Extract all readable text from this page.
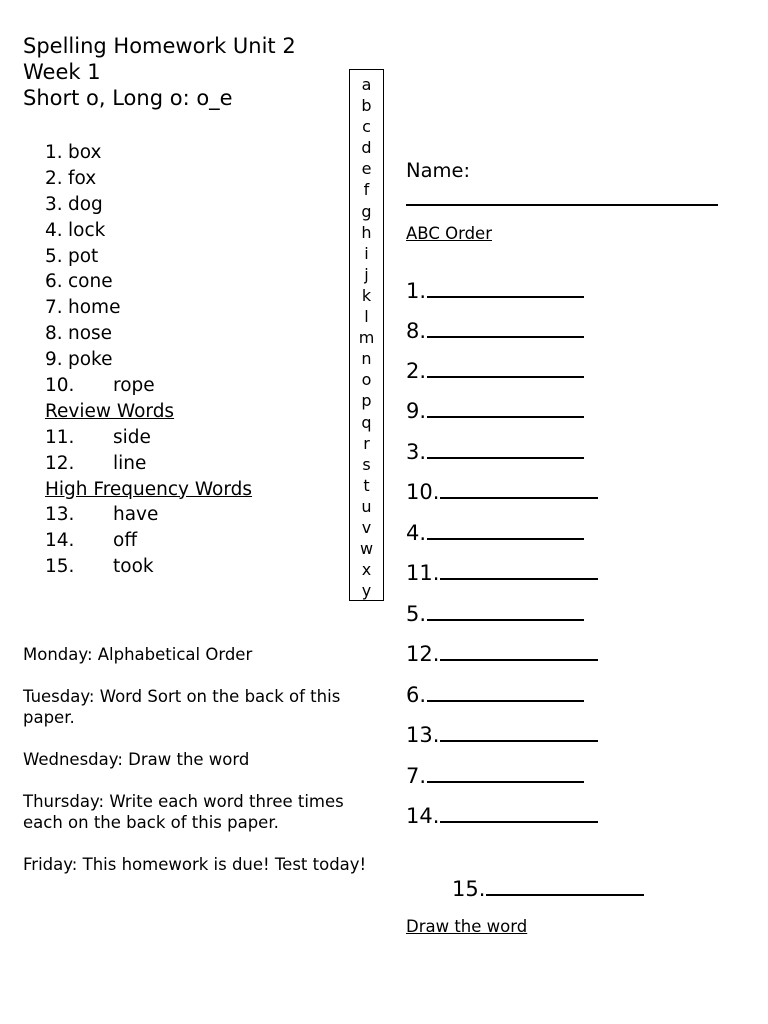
Spelling Homework Unit 2
Week 1
Short o, Long o: o_e
1. box
2. fox
3. dog
4. lock
5. pot
6. cone
7. home
8. nose
9. poke
10. rope
Review Words
11. side
12. line
High Frequency Words
13. have
14. off
15. took
a
b
c
d
e
f
g
h
i
j
k
l
m
n
o
p
q
r
s
t
u
v
w
x
y

Monday: Alphabetical Order

Tuesday: Word Sort on the back of this paper.

Wednesday: Draw the word

Thursday: Write each word three times each on the back of this paper.

Friday: This homework is due! Test today!

Name:
ABC Order
1.
8.
2.
9.
3.
10.
4.
11.
5.
12.
6.
13.
7.
14.
15.
Draw the word
